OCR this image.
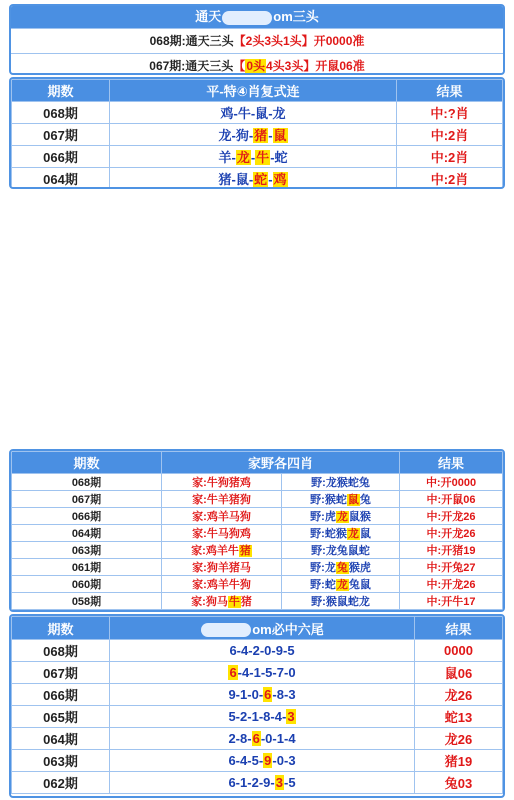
通天	om三头
068期:通天三头【2头3头1头】开0000准
067期:通天三头【0头4头3头】开鼠06准
期数	平-特④肖复式连	结果
068期	鸡-牛-鼠-龙	中:?肖
067期	龙-狗-猪-鼠	中:2肖
066期	羊-龙-牛-蛇	中:2肖
064期	猪-鼠-蛇-鸡	中:2肖
期数	家野各四肖		结果
068期	家:牛狗猪鸡	野:龙猴蛇兔	中:开0000
067期	家:牛羊猪狗	野:猴蛇鼠兔	中:开鼠06
066期	家:鸡羊马狗	野:虎龙鼠猴	中:开龙26
064期	家:牛马狗鸡	野:蛇猴龙鼠	中:开龙26
063期	家:鸡羊牛猪	野:龙兔鼠蛇	中:开猪19
061期	家:狗羊猪马	野:龙兔猴虎	中:开兔27
060期	家:鸡羊牛狗	野:蛇龙兔鼠	中:开龙26
058期	家:狗马牛猪	野:猴鼠蛇龙	中:开牛17
期数	om必中六尾	结果
068期	6-4-2-0-9-5	0000
067期	6-4-1-5-7-0	鼠06
066期	9-1-0-6-8-3	龙26
065期	5-2-1-8-4-3	蛇13
064期	2-8-6-0-1-4	龙26
063期	6-4-5-9-0-3	猪19
062期	6-1-2-9-3-5	兔03
